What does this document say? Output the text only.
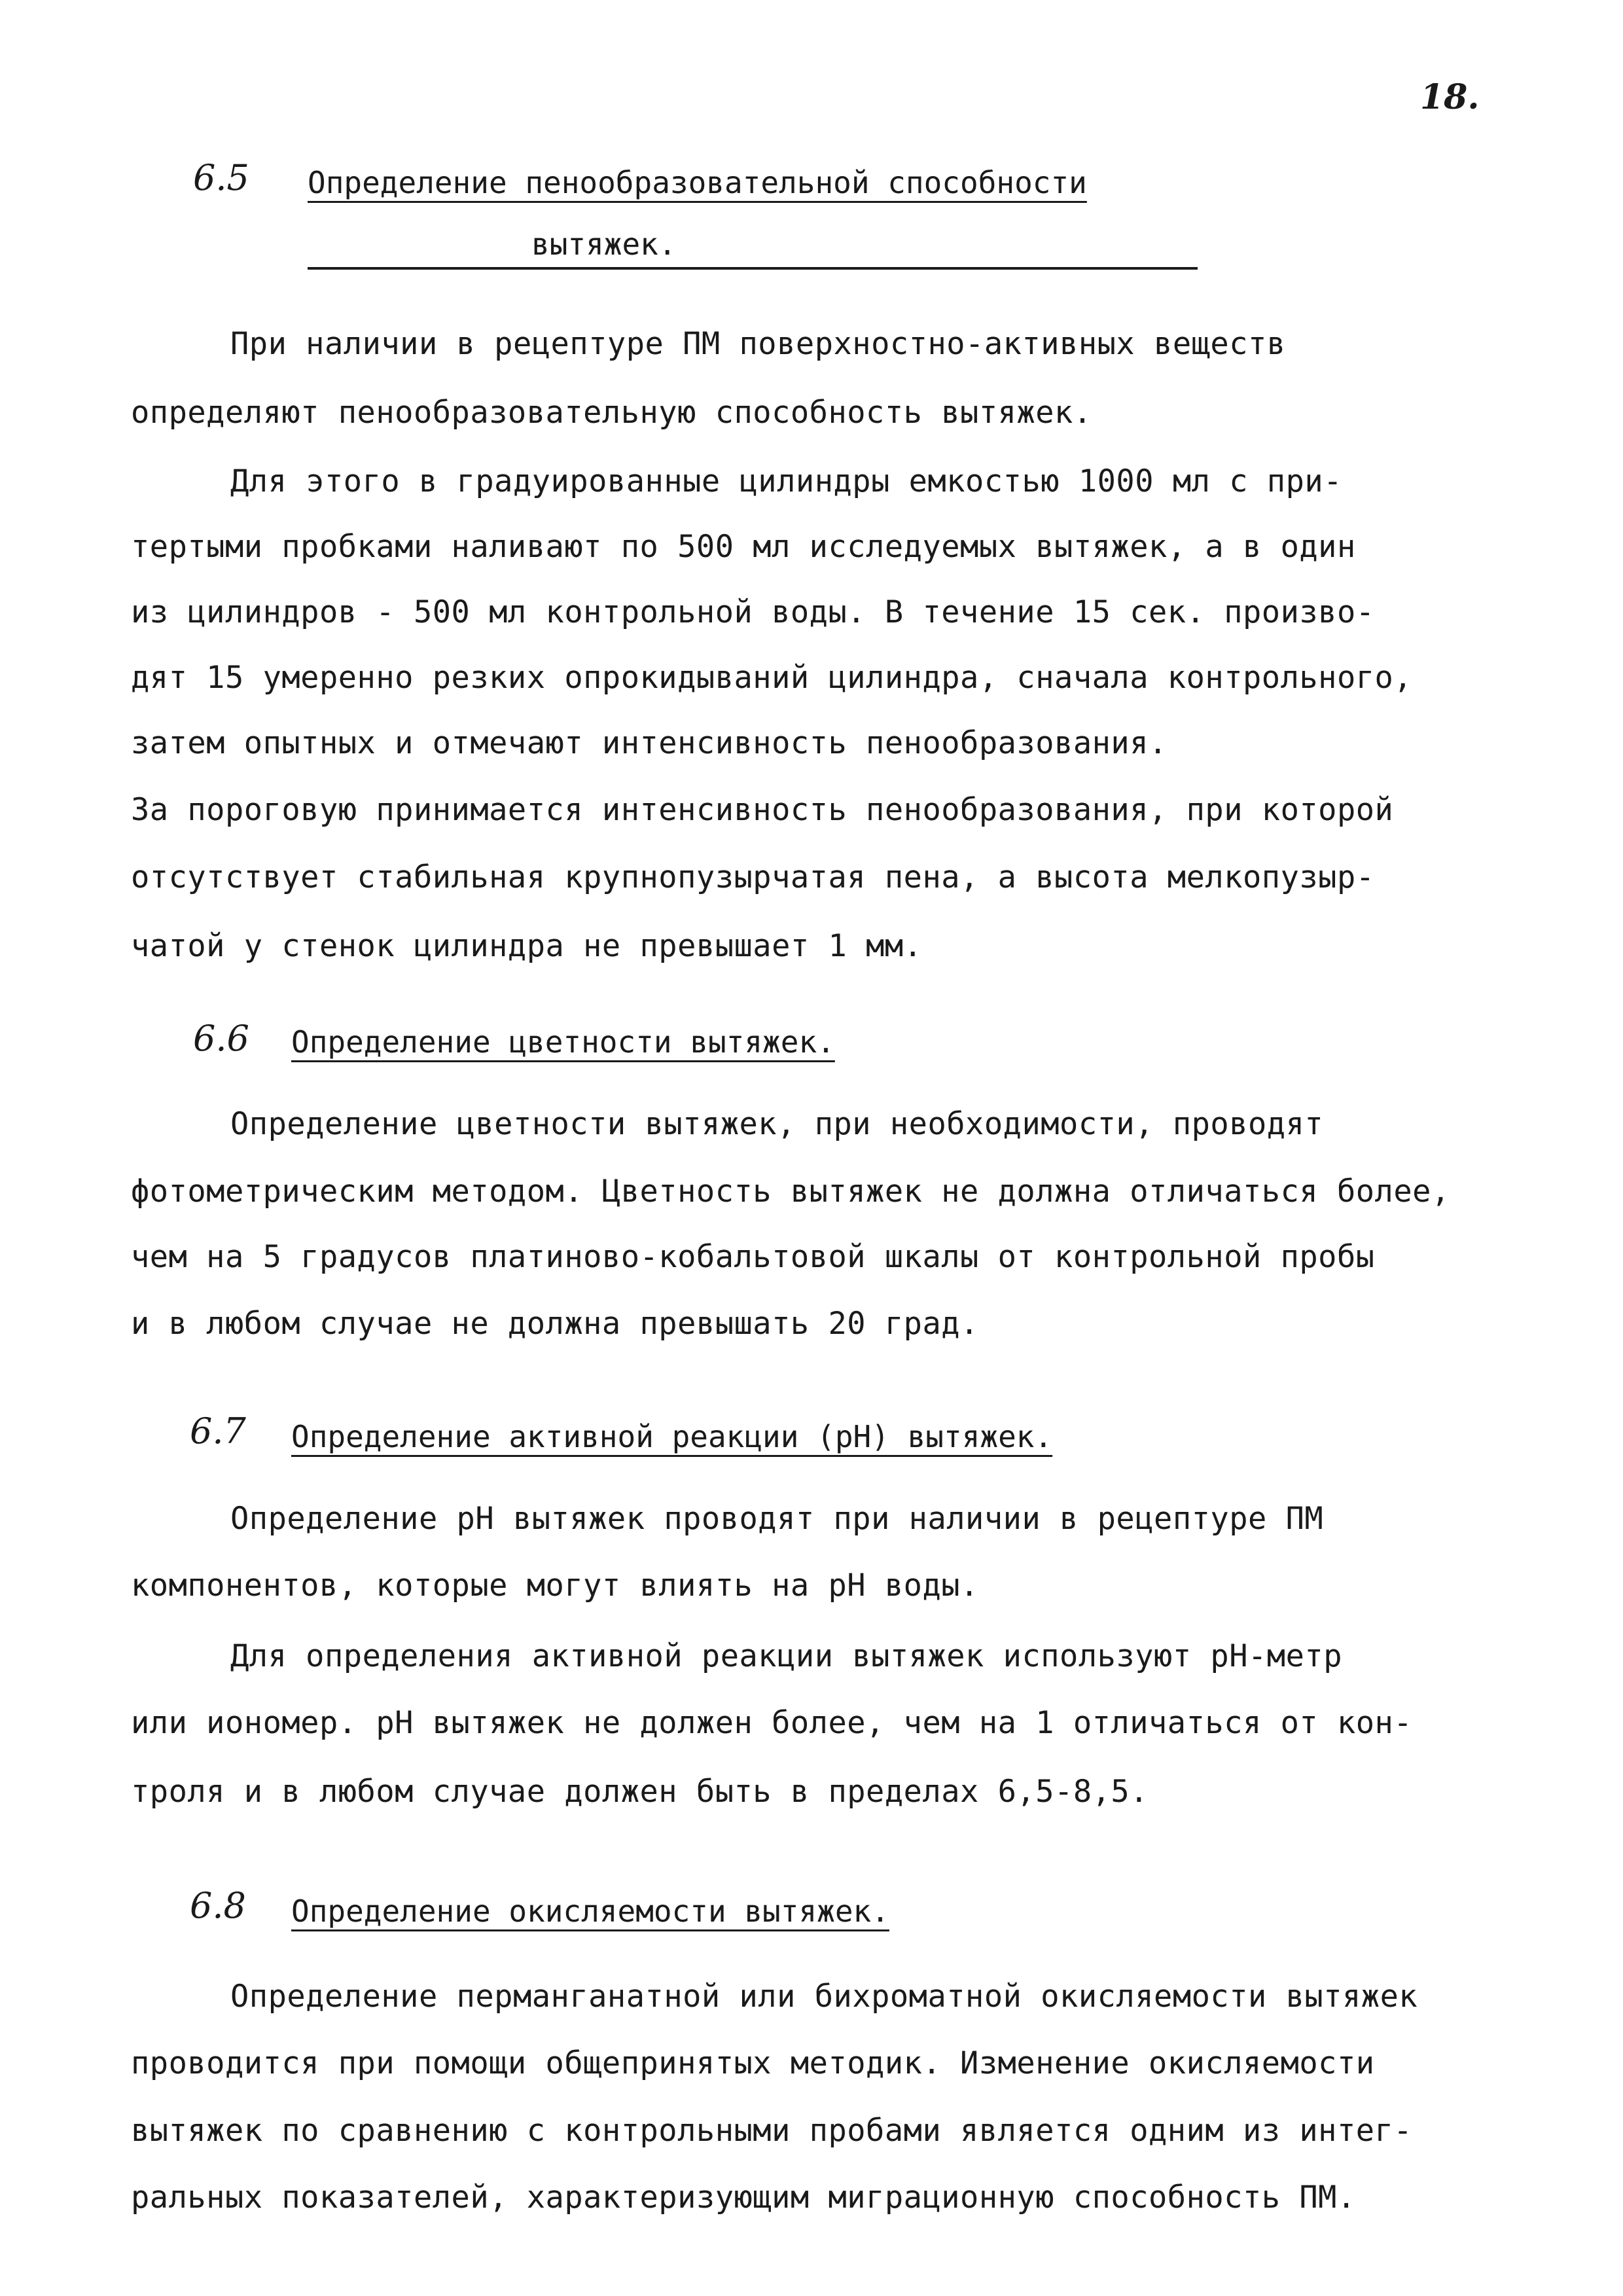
18.
6.5 Определение пенообразовательной способности
вытяжек.
При наличии в рецептуре ПМ поверхностно-активных веществ
определяют пенообразовательную способность вытяжек.
Для этого в градуированные цилиндры емкостью 1000 мл с при-
тертыми пробками наливают по 500 мл исследуемых вытяжек, а в один
из цилиндров - 500 мл контрольной воды. В течение 15 сек. произво-
дят 15 умеренно резких опрокидываний цилиндра, сначала контрольного,
затем опытных и отмечают интенсивность пенообразования.
За пороговую принимается интенсивность пенообразования, при которой
отсутствует стабильная крупнопузырчатая пена, а высота мелкопузыр-
чатой у стенок цилиндра не превышает 1 мм.
6.6 Определение цветности вытяжек.
Определение цветности вытяжек, при необходимости, проводят
фотометрическим методом. Цветность вытяжек не должна отличаться более,
чем на 5 градусов платиново-кобальтовой шкалы от контрольной пробы
и в любом случае не должна превышать 20 град.
6.7 Определение активной реакции (pH) вытяжек.
Определение pH вытяжек проводят при наличии в рецептуре ПМ
компонентов, которые могут влиять на pH воды.
Для определения активной реакции вытяжек используют pH-метр
или иономер. pH вытяжек не должен более, чем на 1 отличаться от кон-
троля и в любом случае должен быть в пределах 6,5-8,5.
6.8 Определение окисляемости вытяжек.
Определение перманганатной или бихроматной окисляемости вытяжек
проводится при помощи общепринятых методик. Изменение окисляемости
вытяжек по сравнению с контрольными пробами является одним из интег-
ральных показателей, характеризующим миграционную способность ПМ.
